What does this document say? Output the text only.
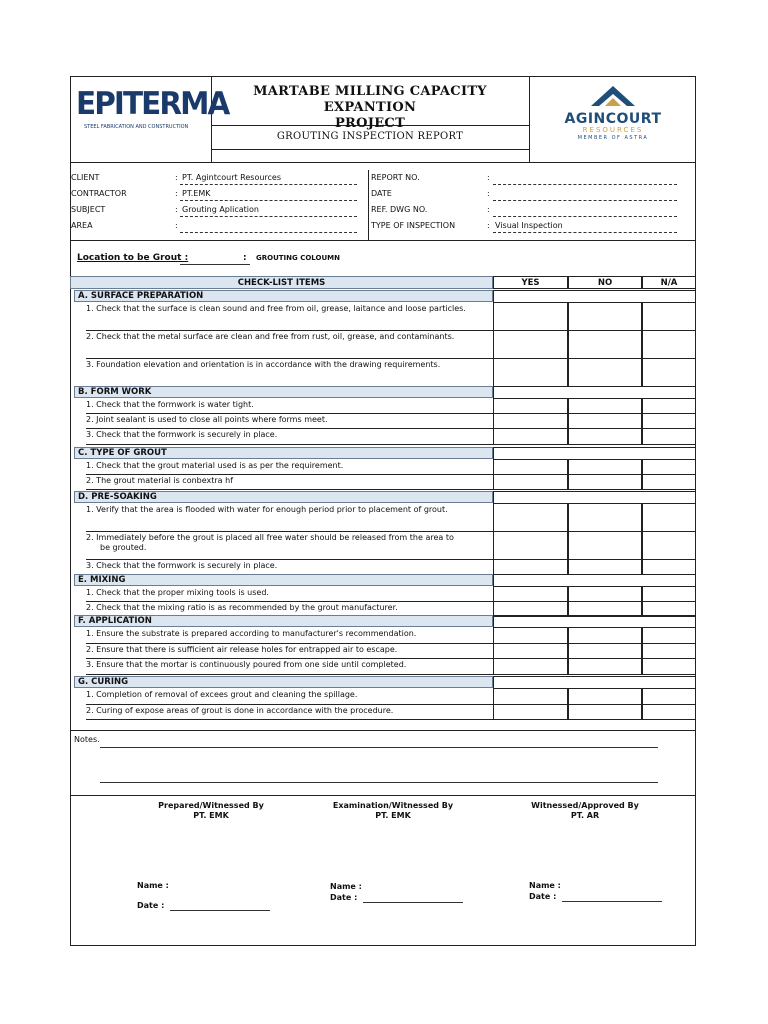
EPITERMA
STEEL FABRICATION AND CONSTRUCTION
MARTABE MILLING CAPACITY EXPANTION
PROJECT
GROUTING INSPECTION REPORT
AGINCOURT
RESOURCES
MEMBER OF ASTRA
CLIENT	: PT. Agintcourt Resources
CONTRACTOR	: PT.EMK
SUBJECT	: Grouting Aplication
AREA	:
REPORT NO.	:
DATE	:
REF. DWG NO.	:
TYPE OF INSPECTION	: Visual Inspection
Location to be Grout :	: GROUTING COLOUMN
CHECK-LIST ITEMS	YES	NO	N/A
A. SURFACE PREPARATION
1. Check that the surface is clean sound and free from oil, grease, laitance and loose particles.
2. Check that the metal surface are clean and free from rust, oil, grease, and contaminants.
3. Foundation elevation and orientation is in accordance with the drawing requirements.
B. FORM WORK
1. Check that the formwork is water tight.
2. Joint sealant is used to close all points where forms meet.
3. Check that the formwork is securely in place.
C. TYPE OF GROUT
1. Check that the grout material used is as per the requirement.
2. The grout material is conbextra hf
D. PRE-SOAKING
1. Verify that the area is flooded with water for enough period prior to placement of grout.
2. Immediately before the grout is placed all free water should be released from the area to
be grouted.
3. Check that the formwork is securely in place.
E. MIXING
1. Check that the proper mixing tools is used.
2. Check that the mixing ratio is as recommended by the grout manufacturer.
F. APPLICATION
1. Ensure the substrate is prepared according to manufacturer's recommendation.
2. Ensure that there is sufficient air release holes for entrapped air to escape.
3. Ensure that the mortar is continuously poured from one side until completed.
G. CURING
1. Completion of removal of excees grout and cleaning the spillage.
2. Curing of expose areas of grout is done in accordance with the procedure.
Notes.
Prepared/Witnessed By
PT. EMK
Name :
Date :
Examination/Witnessed By
PT. EMK
Name :
Date :
Witnessed/Approved By
PT. AR
Name :
Date :
